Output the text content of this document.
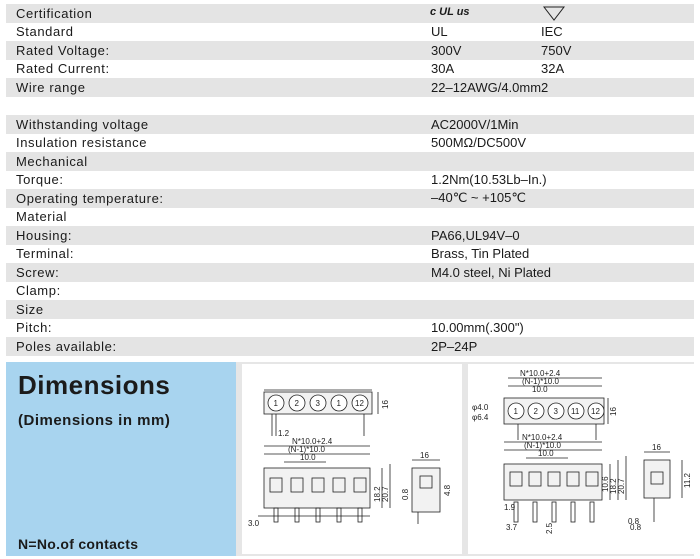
Certification	c UL us
Standard	UL	IEC
Rated Voltage:	300V	750V
Rated Current:	30A	32A
Wire range	22–12AWG/4.0mm2
Withstanding voltage	AC2000V/1Min
Insulation resistance	500MΩ/DC500V
Mechanical
Torque:	1.2Nm(10.53Lb–In.)
Operating temperature:	–40℃ ~ +105℃
Material
Housing:	PA66,UL94V–0
Terminal:	Brass, Tin Plated
Screw:	M4.0 steel, Ni Plated
Clamp:
Size
Pitch:	10.00mm(.300")
Poles available:	2P–24P
Dimensions
(Dimensions in mm)
N=No.of contacts
1 2 3 1 12 16
1.2
N*10.0+2.4
(N-1)*10.0
10.0
18.2 20.7
3.0
16
0.8	4.8
1 2 3 11 12
N*10.0+2.4
(N-1)*10.0
10.0
φ4.0
φ6.4
16
N*10.0+2.4
(N-1)*10.0
10.0
10.6 18.2 20.7
1.9
2.5
3.7
0.8
16
11.2
0.8
